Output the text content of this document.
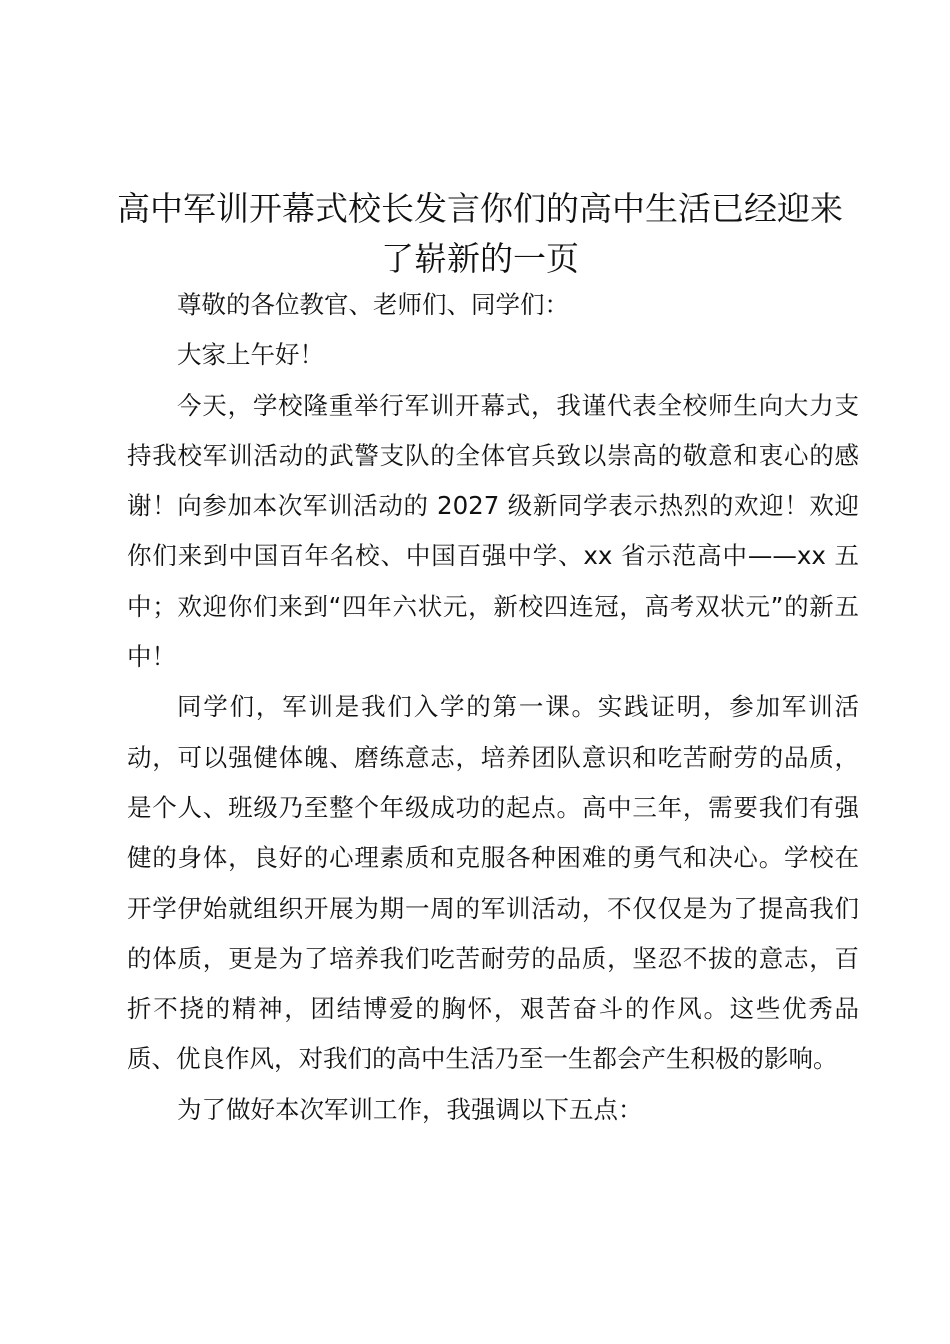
高中军训开幕式校长发言你们的高中生活已经迎来了崭新的一页

尊敬的各位教官、老师们、同学们：

大家上午好！

今天，学校隆重举行军训开幕式，我谨代表全校师生向大力支持我校军训活动的武警支队的全体官兵致以崇高的敬意和衷心的感谢！向参加本次军训活动的 2027 级新同学表示热烈的欢迎！欢迎你们来到中国百年名校、中国百强中学、xx 省示范高中——xx 五中；欢迎你们来到“四年六状元，新校四连冠，高考双状元”的新五中！

同学们，军训是我们入学的第一课。实践证明，参加军训活动，可以强健体魄、磨练意志，培养团队意识和吃苦耐劳的品质，是个人、班级乃至整个年级成功的起点。高中三年，需要我们有强健的身体，良好的心理素质和克服各种困难的勇气和决心。学校在开学伊始就组织开展为期一周的军训活动，不仅仅是为了提高我们的体质，更是为了培养我们吃苦耐劳的品质，坚忍不拔的意志，百折不挠的精神，团结博爱的胸怀，艰苦奋斗的作风。这些优秀品质、优良作风，对我们的高中生活乃至一生都会产生积极的影响。

为了做好本次军训工作，我强调以下五点：
